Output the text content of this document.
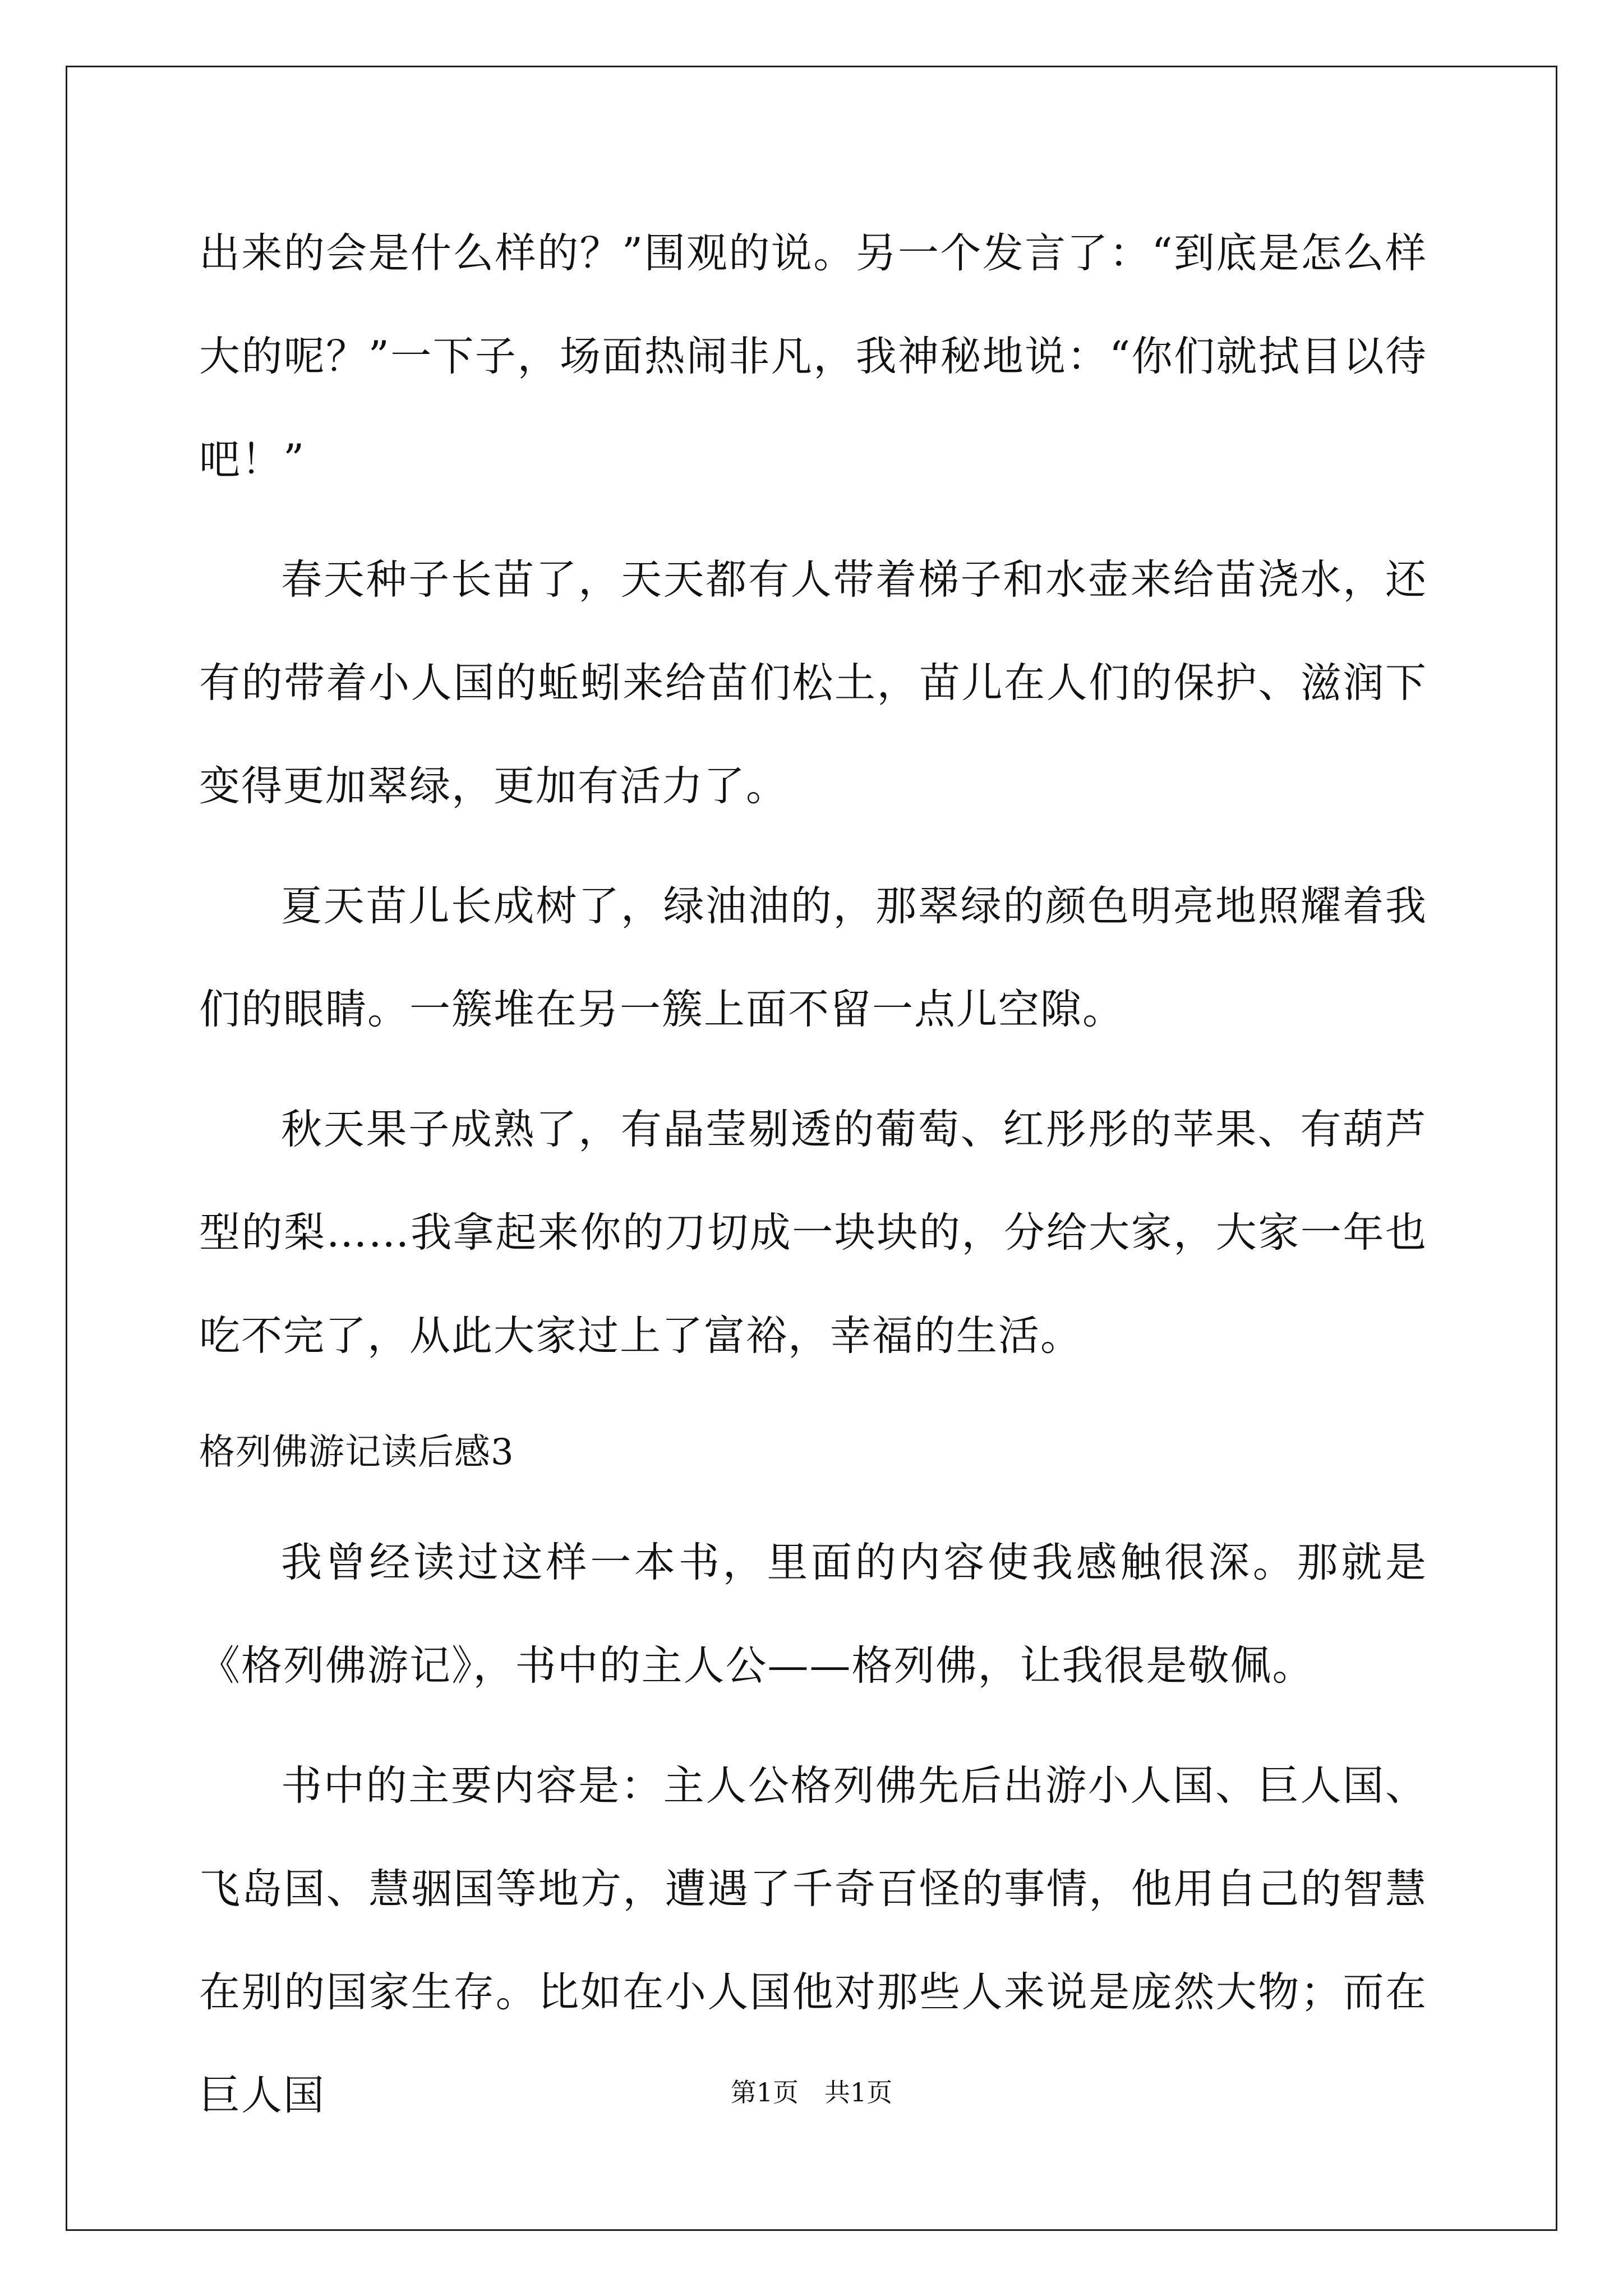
出来的会是什么样的？”围观的说。另一个发言了：“到底是怎么样大的呢？”一下子，场面热闹非凡，我神秘地说：“你们就拭目以待吧！”

春天种子长苗了，天天都有人带着梯子和水壶来给苗浇水，还有的带着小人国的蚯蚓来给苗们松土，苗儿在人们的保护、滋润下变得更加翠绿，更加有活力了。

夏天苗儿长成树了，绿油油的，那翠绿的颜色明亮地照耀着我们的眼睛。一簇堆在另一簇上面不留一点儿空隙。

秋天果子成熟了，有晶莹剔透的葡萄、红彤彤的苹果、有葫芦型的梨……我拿起来你的刀切成一块块的，分给大家，大家一年也吃不完了，从此大家过上了富裕，幸福的生活。

格列佛游记读后感3

我曾经读过这样一本书，里面的内容使我感触很深。那就是《格列佛游记》，书中的主人公——格列佛，让我很是敬佩。

书中的主要内容是：主人公格列佛先后出游小人国、巨人国、飞岛国、慧骃国等地方，遭遇了千奇百怪的事情，他用自己的智慧在别的国家生存。比如在小人国他对那些人来说是庞然大物；而在巨人国	第1页 共1页
